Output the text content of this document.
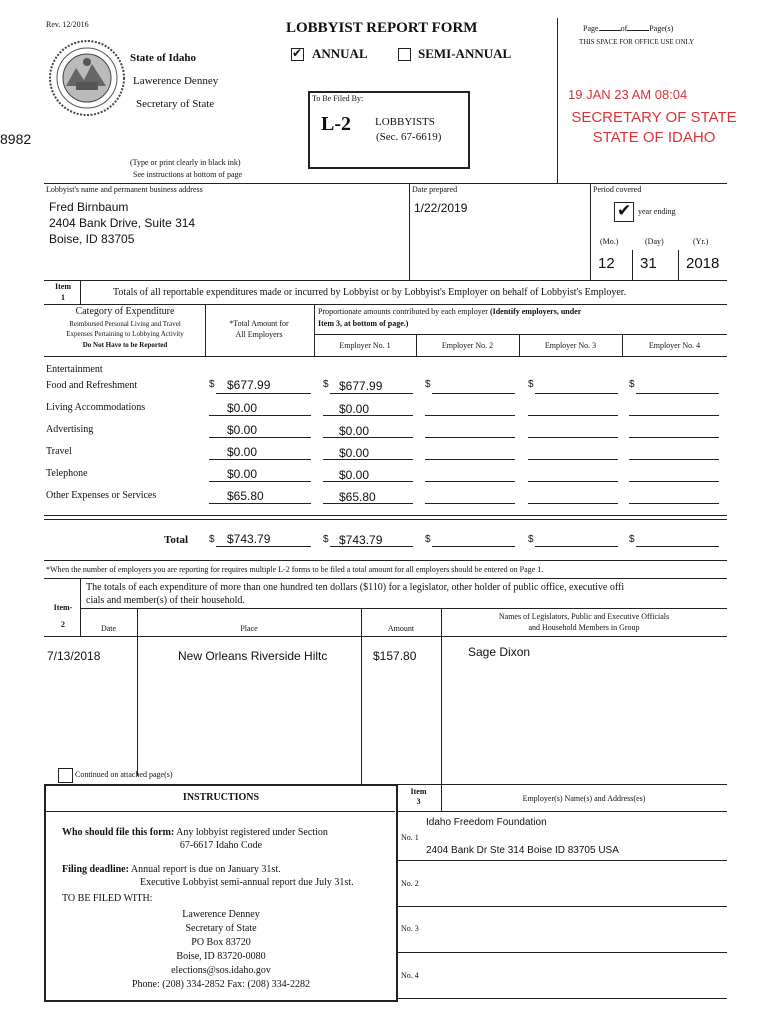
Rev. 12/2016
State of Idaho
Lawerence Denney
Secretary of State
8982
LOBBYIST REPORT FORM
✔ ANNUAL	SEMI-ANNUAL
To Be Filed By:
L-2 LOBBYISTS
(Sec. 67-6619)
(Type or print clearly in black ink)
See instructions at bottom of page
Page	of	Page(s)
THIS SPACE FOR OFFICE USE ONLY
19 JAN 23 AM 08:04
SECRETARY OF STATE
STATE OF IDAHO
Lobbyist's name and permanent business address
Fred Birnbaum
2404 Bank Drive, Suite 314
Boise, ID 83705
Date prepared
1/22/2019
Period covered
✔ year ending
(Mo.)	(Day)	(Yr.)
12 31 2018
Item
1	Totals of all reportable expenditures made or incurred by Lobbyist or by Lobbyist's Employer on behalf of Lobbyist's Employer.
Category of Expenditure
Reimbursed Personal Living and Travel
Expenses Pertaining to Lobbying Activity
Do Not Have to be Reported
*Total Amount for
All Employers
Proportionate amounts contributed by each employer (Identify employers, under
Item 3, at bottom of page.)
Employer No. 1	Employer No. 2	Employer No. 3	Employer No. 4
Entertainment
Food and Refreshment	$ $677.99	$ $677.99	$	$	$
Living Accommodations	$0.00	$0.00
Advertising	$0.00	$0.00
Travel	$0.00	$0.00
Telephone	$0.00	$0.00
Other Expenses or Services	$65.80	$65.80
Total $ $743.79	$ $743.79	$	$	$
*When the number of employers you are reporting for requires multiple L-2 forms to be filed a total amount for all employers should be entered on Page 1.
Item-
2
The totals of each expenditure of more than one hundred ten dollars ($110) for a legislator, other holder of public office, executive offi
cials and member(s) of their household.
Date	Place	Amount
Names of Legislators, Public and Executive Officials
and Household Members in Group
7/13/2018	New Orleans Riverside Hiltc	$157.80	Sage Dixon
Continued on attached page(s)
INSTRUCTIONS
Who should file this form: Any lobbyist registered under Section
67-6617 Idaho Code
Filing deadline: Annual report is due on January 31st.
Executive Lobbyist semi-annual report due July 31st.
TO BE FILED WITH:
Lawerence Denney
Secretary of State
PO Box 83720
Boise, ID 83720-0080
elections@sos.idaho.gov
Phone: (208) 334-2852 Fax: (208) 334-2282
Item
3	Employer(s) Name(s) and Address(es)
No. 1
Idaho Freedom Foundation
2404 Bank Dr Ste 314 Boise ID 83705 USA
No. 2
No. 3
No. 4
